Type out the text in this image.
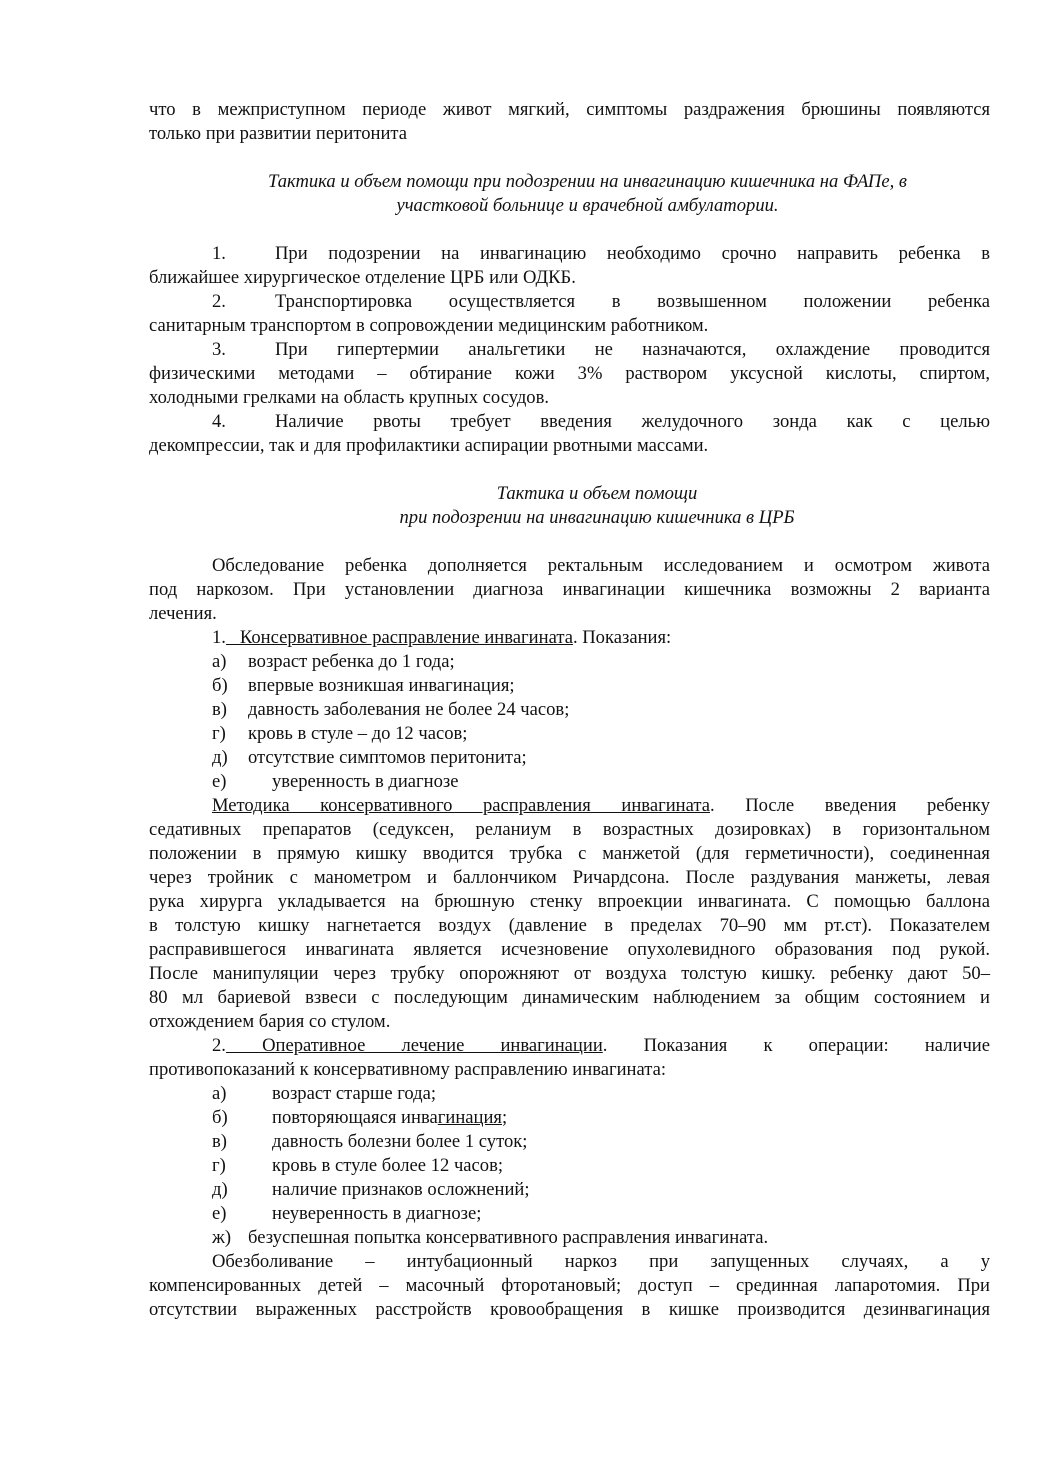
что в межприступном периоде живот мягкий, симптомы раздражения брюшины появляются

только при развитии перитонита

Тактика и объем помощи при подозрении на инвагинацию кишечника на ФАПе, в
участковой больнице и врачебной амбулатории.
1.	При подозрении на инвагинацию необходимо срочно направить ребенка в
ближайшее хирургическое отделение ЦРБ или ОДКБ.
2.	Транспортировка осуществляется в возвышенном положении ребенка
санитарным транспортом в сопровождении медицинским работником.
3.	При гипертермии анальгетики не назначаются, охлаждение проводится
физическими методами – обтирание кожи 3% раствором уксусной кислоты, спиртом,
холодными грелками на область крупных сосудов.
4.	Наличие рвоты требует введения желудочного зонда как с целью
декомпрессии, так и для профилактики аспирации рвотными массами.
Тактика и объем помощи
при подозрении на инвагинацию кишечника в ЦРБ
Обследование ребенка дополняется ректальным исследованием и осмотром живота
под наркозом. При установлении диагноза инвагинации кишечника возможны 2 варианта
лечения.
1.   Консервативное расправление инвагината. Показания:
а)	возраст ребенка до 1 года;
б)	впервые возникшая инвагинация;
в)	давность заболевания не более 24 часов;
г)	кровь в стуле – до 12 часов;
д)	отсутствие симптомов перитонита;
е)	уверенность в диагнозе
Методика консервативного расправления инвагината. После введения ребенку
седативных препаратов (седуксен, реланиум в возрастных дозировках) в горизонтальном
положении в прямую кишку вводится трубка с манжетой (для герметичности), соединенная
через тройник с манометром и баллончиком Ричардсона. После раздувания манжеты, левая
рука хирурга укладывается на брюшную стенку впроекции инвагината. С помощью баллона
в толстую кишку нагнетается воздух (давление в пределах 70–90 мм рт.ст). Показателем
расправившегося инвагината является исчезновение опухолевидного образования под рукой.
После манипуляции через трубку опорожняют от воздуха толстую кишку. ребенку дают 50–
80 мл бариевой взвеси с последующим динамическим наблюдением за общим состоянием и
отхождением бария со стулом.
2. Оперативное лечение инвагинации. Показания к операции: наличие
противопоказаний к консервативному расправлению инвагината:
а)	возраст старше года;
б)	повторяющаяся инвагинация;
в)	давность болезни более 1 суток;
г)	кровь в стуле более 12 часов;
д)	наличие признаков осложнений;
е)	неуверенность в диагнозе;
ж) безуспешная попытка консервативного расправления инвагината.
Обезболивание – интубационный наркоз при запущенных случаях, а у
компенсированных детей – масочный фторотановый; доступ – срединная лапаротомия. При
отсутствии выраженных расстройств кровообращения в кишке производится дезинвагинация
